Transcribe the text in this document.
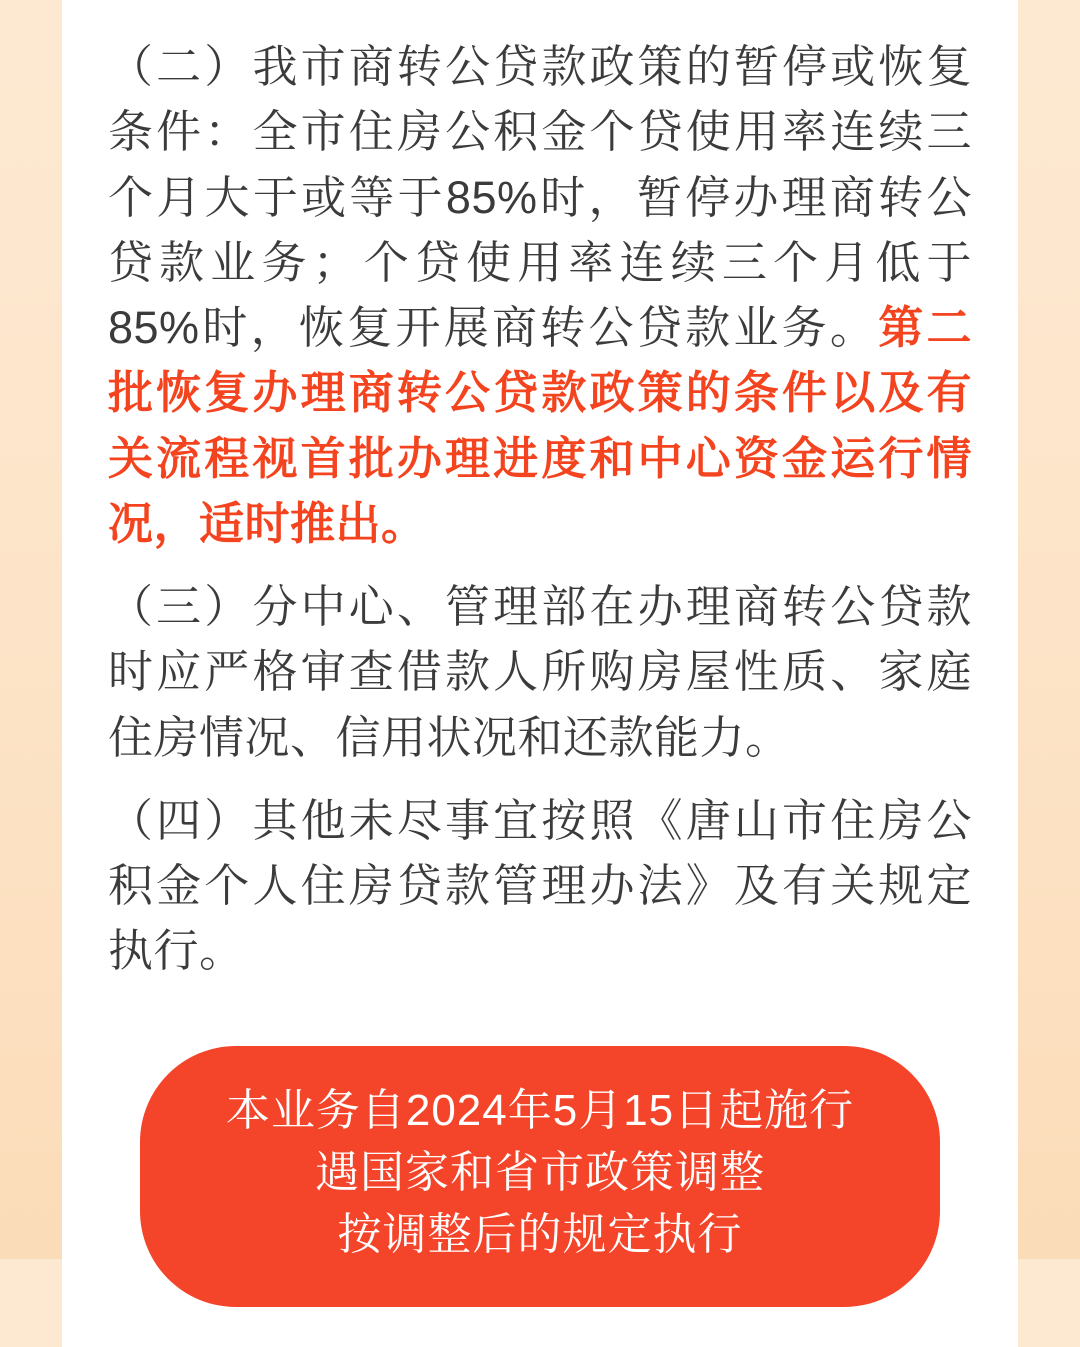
（二）我市商转公贷款政策的暂停或恢复条件：全市住房公积金个贷使用率连续三个月大于或等于85%时，暂停办理商转公贷款业务；个贷使用率连续三个月低于85%时，恢复开展商转公贷款业务。第二批恢复办理商转公贷款政策的条件以及有关流程视首批办理进度和中心资金运行情况，适时推出。

（三）分中心、管理部在办理商转公贷款时应严格审查借款人所购房屋性质、家庭住房情况、信用状况和还款能力。

（四）其他未尽事宜按照《唐山市住房公积金个人住房贷款管理办法》及有关规定执行。

本业务自2024年5月15日起施行
遇国家和省市政策调整
按调整后的规定执行
